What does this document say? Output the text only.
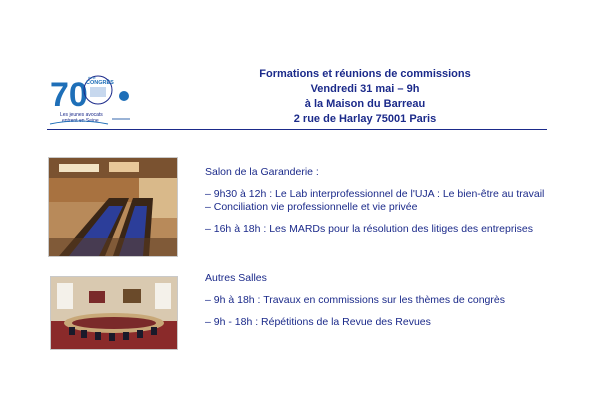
70 ème
CONGRÈS
Les jeunes avocats
entrent en Seine
Formations et réunions de commissions
Vendredi 31 mai – 9h
à la Maison du Barreau
2 rue de Harlay 75001 Paris

Salon de la Garanderie :

– 9h30 à 12h : Le Lab interprofessionnel de l'UJA : Le bien-être au travail – Conciliation vie professionnelle et vie privée

– 16h à 18h : Les MARDs pour la résolution des litiges des entreprises

Autres Salles

– 9h à 18h : Travaux en commissions sur les thèmes de congrès

– 9h - 18h : Répétitions de la Revue des Revues
